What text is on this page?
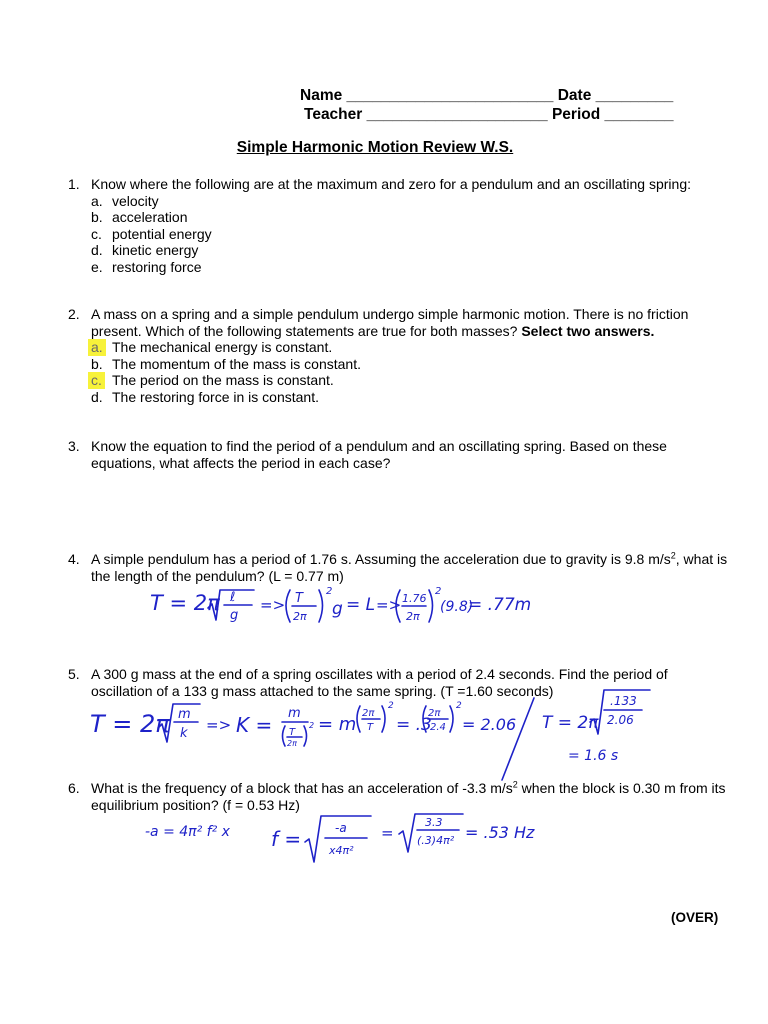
Name ________________________ Date _________
Teacher _____________________ Period ________
Simple Harmonic Motion Review W.S.
1. Know where the following are at the maximum and zero for a pendulum and an oscillating spring:
a. velocity
b. acceleration
c. potential energy
d. kinetic energy
e. restoring force
2. A mass on a spring and a simple pendulum undergo simple harmonic motion. There is no friction present. Which of the following statements are true for both masses? Select two answers.
a. The mechanical energy is constant.
b. The momentum of the mass is constant.
c. The period on the mass is constant.
d. The restoring force in is constant.
3. Know the equation to find the period of a pendulum and an oscillating spring. Based on these equations, what affects the period in each case?
4. A simple pendulum has a period of 1.76 s. Assuming the acceleration due to gravity is 9.8 $m/s^2$, what is the length of the pendulum? (L = 0.77 m)
5. A 300 g mass at the end of a spring oscillates with a period of 2.4 seconds. Find the period of oscillation of a 133 g mass attached to the same spring. (T =1.60 seconds)
6. What is the frequency of a block that has an acceleration of -3.3 $m/s^2$ when the block is 0.30 m from its equilibrium position? (f = 0.53 Hz)
T = 2π ℓ
g
=> T
2π
2
g = L => 1.76
2π
2
(9.8)
= .77m
T = 2π m
k => K = m
T
2π
2 = m
2π
T
2
= .3
2π
2.4
2
= 2.06 T = 2π
.133
2.06
= 1.6 s
-a = 4π² f² x f =	-a
x4π²
=
3.3
(.3)4π² = .53 Hz
(OVER)
